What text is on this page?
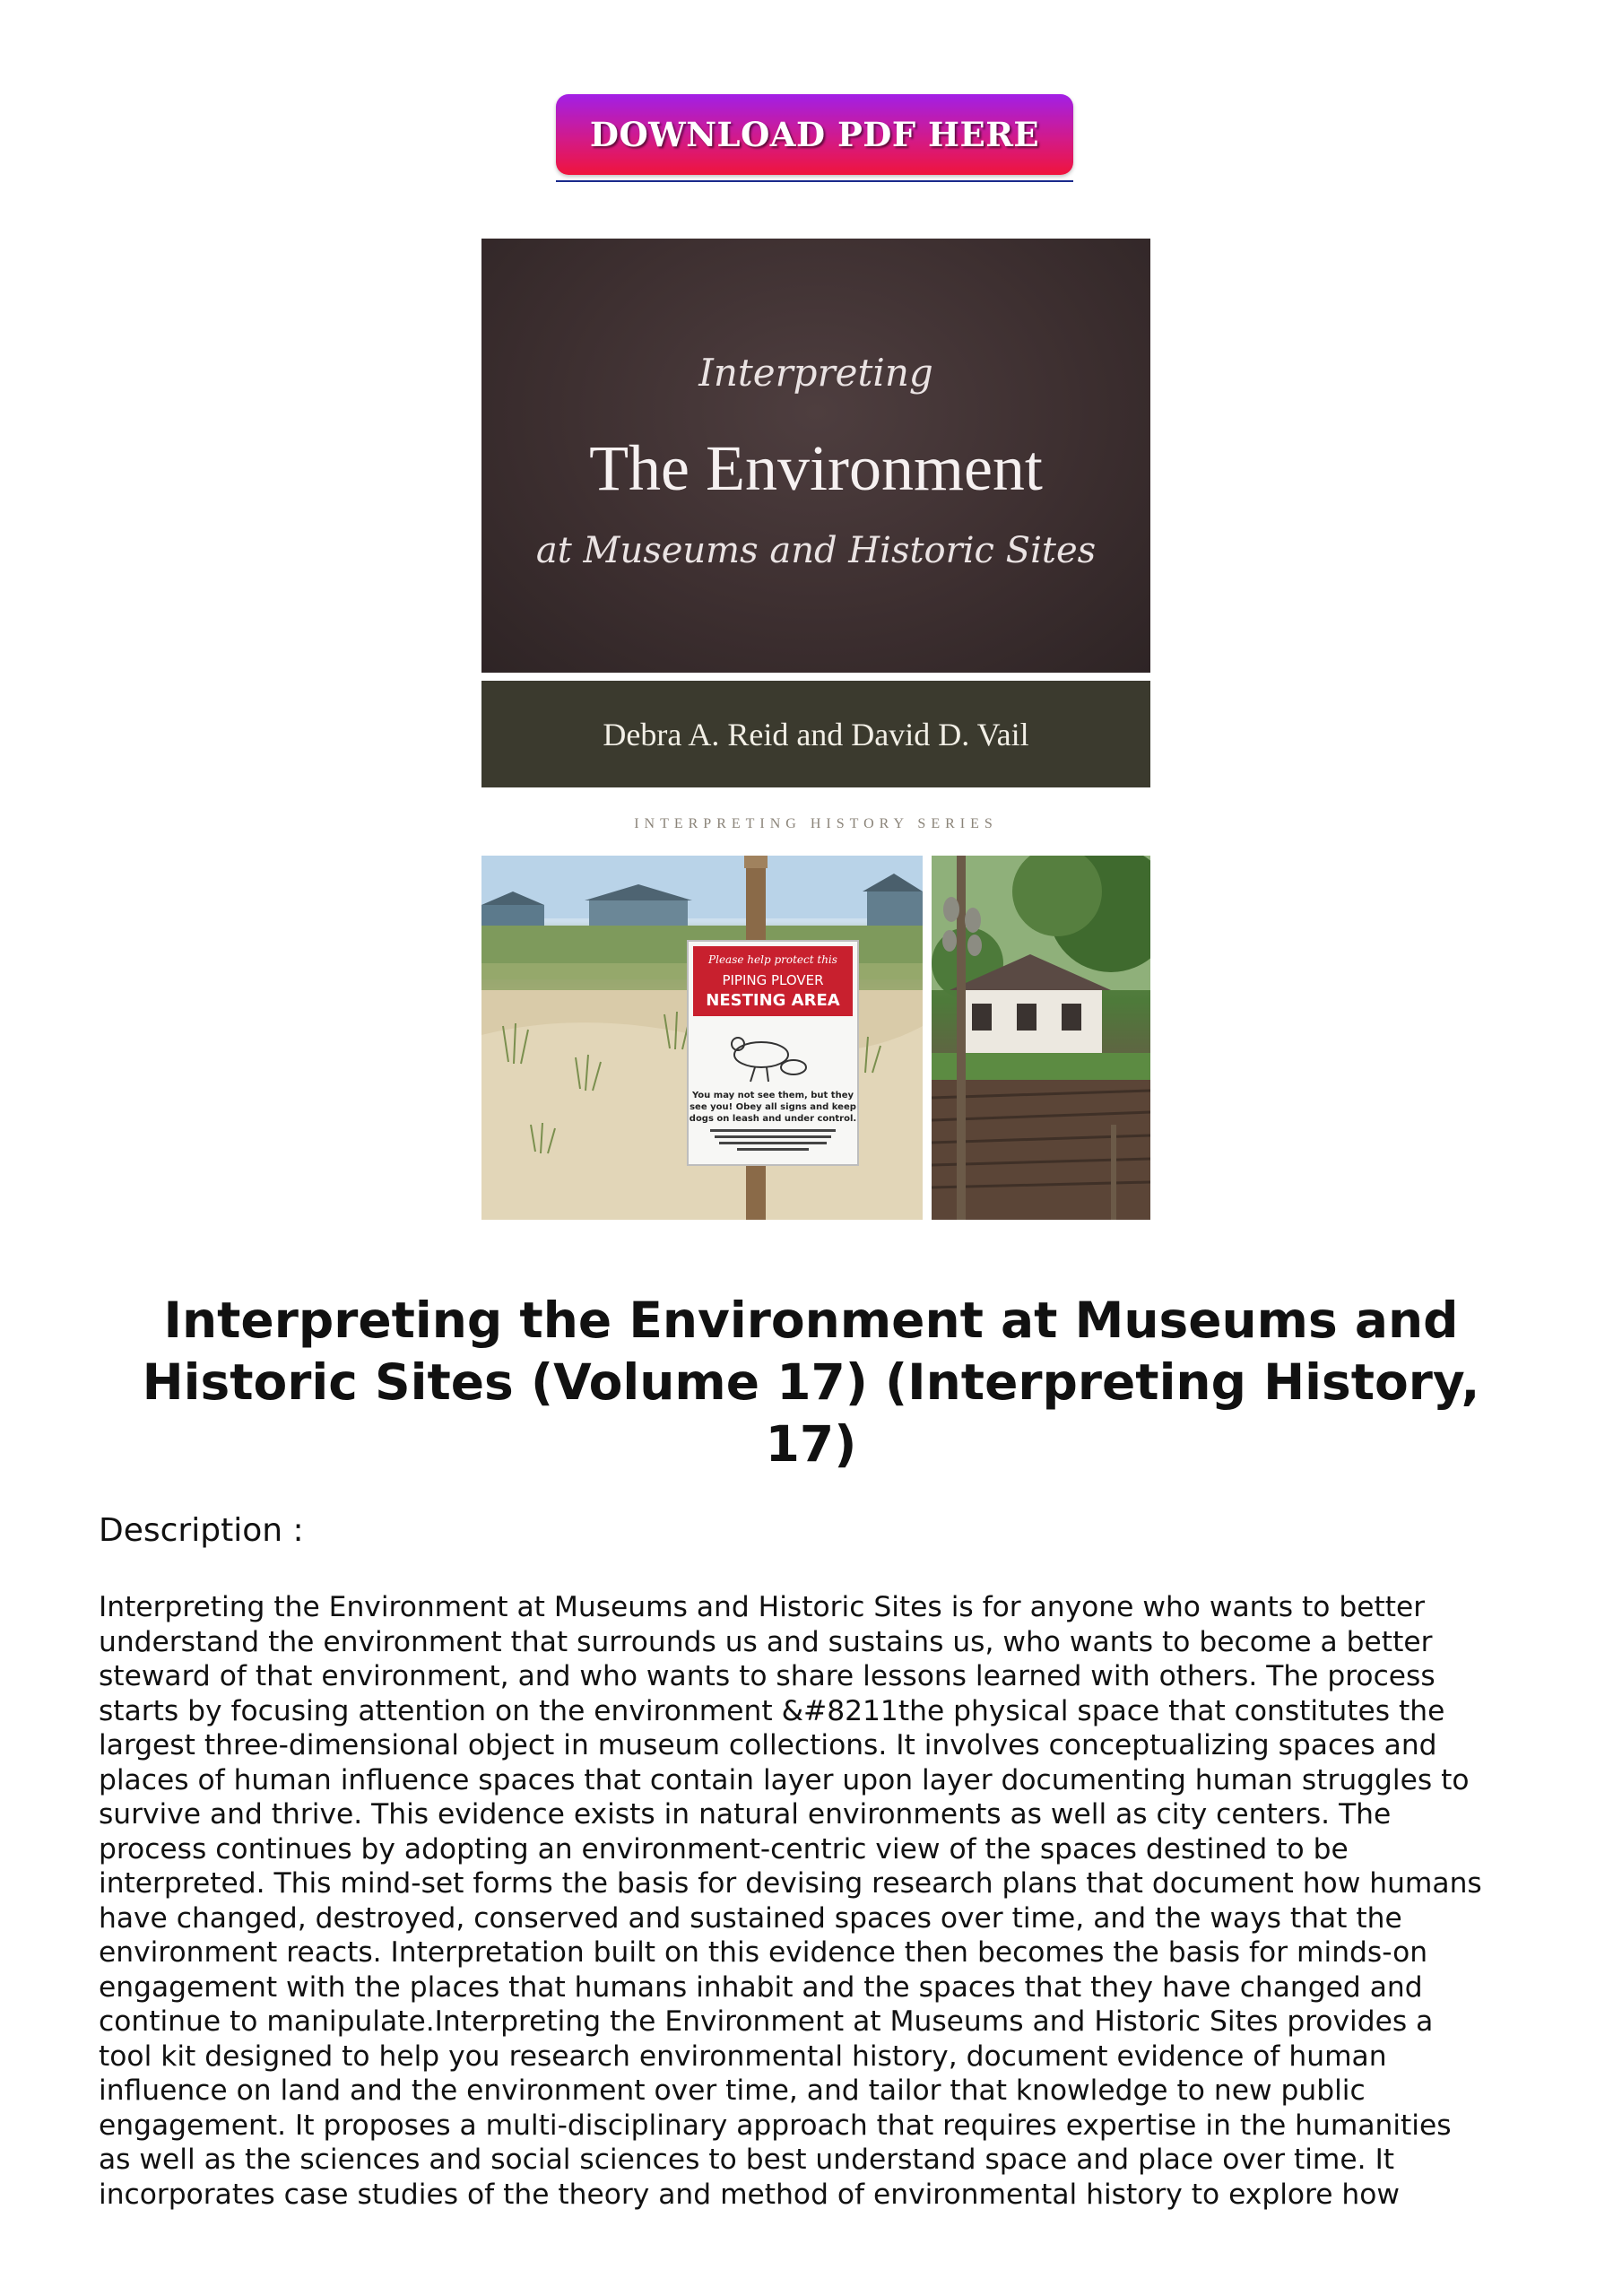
DOWNLOAD PDF HERE
Interpreting
The Environment
at Museums and Historic Sites
Debra A. Reid and David D. Vail
INTERPRETING HISTORY SERIES
Please help protect this
PIPING PLOVER
NESTING AREA
You may not see them, but they
see you! Obey all signs and keep
dogs on leash and under control.
Interpreting the Environment at Museums and
Historic Sites (Volume 17) (Interpreting History,
17)
Description :

Interpreting the Environment at Museums and Historic Sites is for anyone who wants to better
understand the environment that surrounds us and sustains us, who wants to become a better
steward of that environment, and who wants to share lessons learned with others. The process
starts by focusing attention on the environment &#8211the physical space that constitutes the
largest three-dimensional object in museum collections. It involves conceptualizing spaces and
places of human influence spaces that contain layer upon layer documenting human struggles to
survive and thrive. This evidence exists in natural environments as well as city centers. The
process continues by adopting an environment-centric view of the spaces destined to be
interpreted. This mind-set forms the basis for devising research plans that document how humans
have changed, destroyed, conserved and sustained spaces over time, and the ways that the
environment reacts. Interpretation built on this evidence then becomes the basis for minds-on
engagement with the places that humans inhabit and the spaces that they have changed and
continue to manipulate.Interpreting the Environment at Museums and Historic Sites provides a
tool kit designed to help you research environmental history, document evidence of human
influence on land and the environment over time, and tailor that knowledge to new public
engagement. It proposes a multi-disciplinary approach that requires expertise in the humanities
as well as the sciences and social sciences to best understand space and place over time. It
incorporates case studies of the theory and method of environmental history to explore how
